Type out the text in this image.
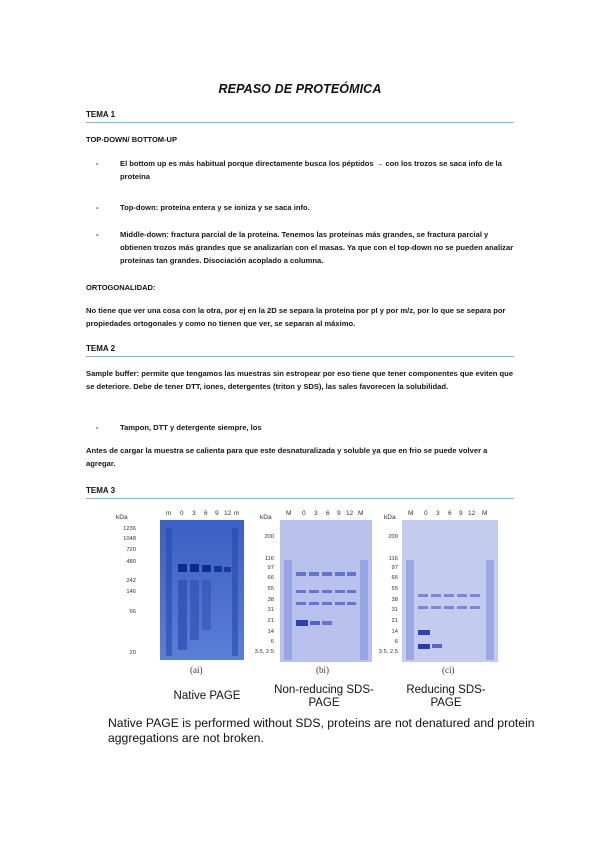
REPASO DE PROTEÓMICA
TEMA 1
TOP-DOWN/ BOTTOM-UP
-	El bottom up es más habitual porque directamente busca los péptidos → con los trozos se saca info de la proteína
-	Top-down: proteína entera y se ioniza y se saca info.
-	Middle-down: fractura parcial de la proteína. Tenemos las proteínas más grandes, se fractura parcial y obtienen trozos más grandes que se analizarían con el masas. Ya que con el top-down no se pueden analizar proteínas tan grandes. Disociación acoplado a columna.
ORTOGONALIDAD:
No tiene que ver una cosa con la otra, por ej en la 2D se separa la proteína por pI y por m/z, por lo que se separa por propiedades ortogonales y como no tienen que ver, se separan al máximo.
TEMA 2
Sample buffer: permite que tengamos las muestras sin estropear por eso tiene que tener componentes que eviten que se deteriore. Debe de tener DTT, iones, detergentes (triton y SDS), las sales favorecen la solubilidad.
-	Tampon, DTT y detergente siempre, los
Antes de cargar la muestra se calienta para que este desnaturalizada y soluble ya que en frio se puede volver a agregar.
TEMA 3
kDa
m 0 3 6 9 12 m
1236
1048
720
480
242
146
66
20
(ai)
kDa
M 0 3 6 9 12 M
200
116
97
66
55
38
31
21
14
6
3.5, 2.5
(bi)
kDa
M 0 3 6 9 12 M
200
116
97
66
55
38
31
21
14
6
3.5, 2.5
(ci)
Native PAGE	Non-reducing SDS-PAGE
Reducing SDS-PAGE
Native PAGE is performed without SDS, proteins are not denatured and protein aggregations are not broken.
